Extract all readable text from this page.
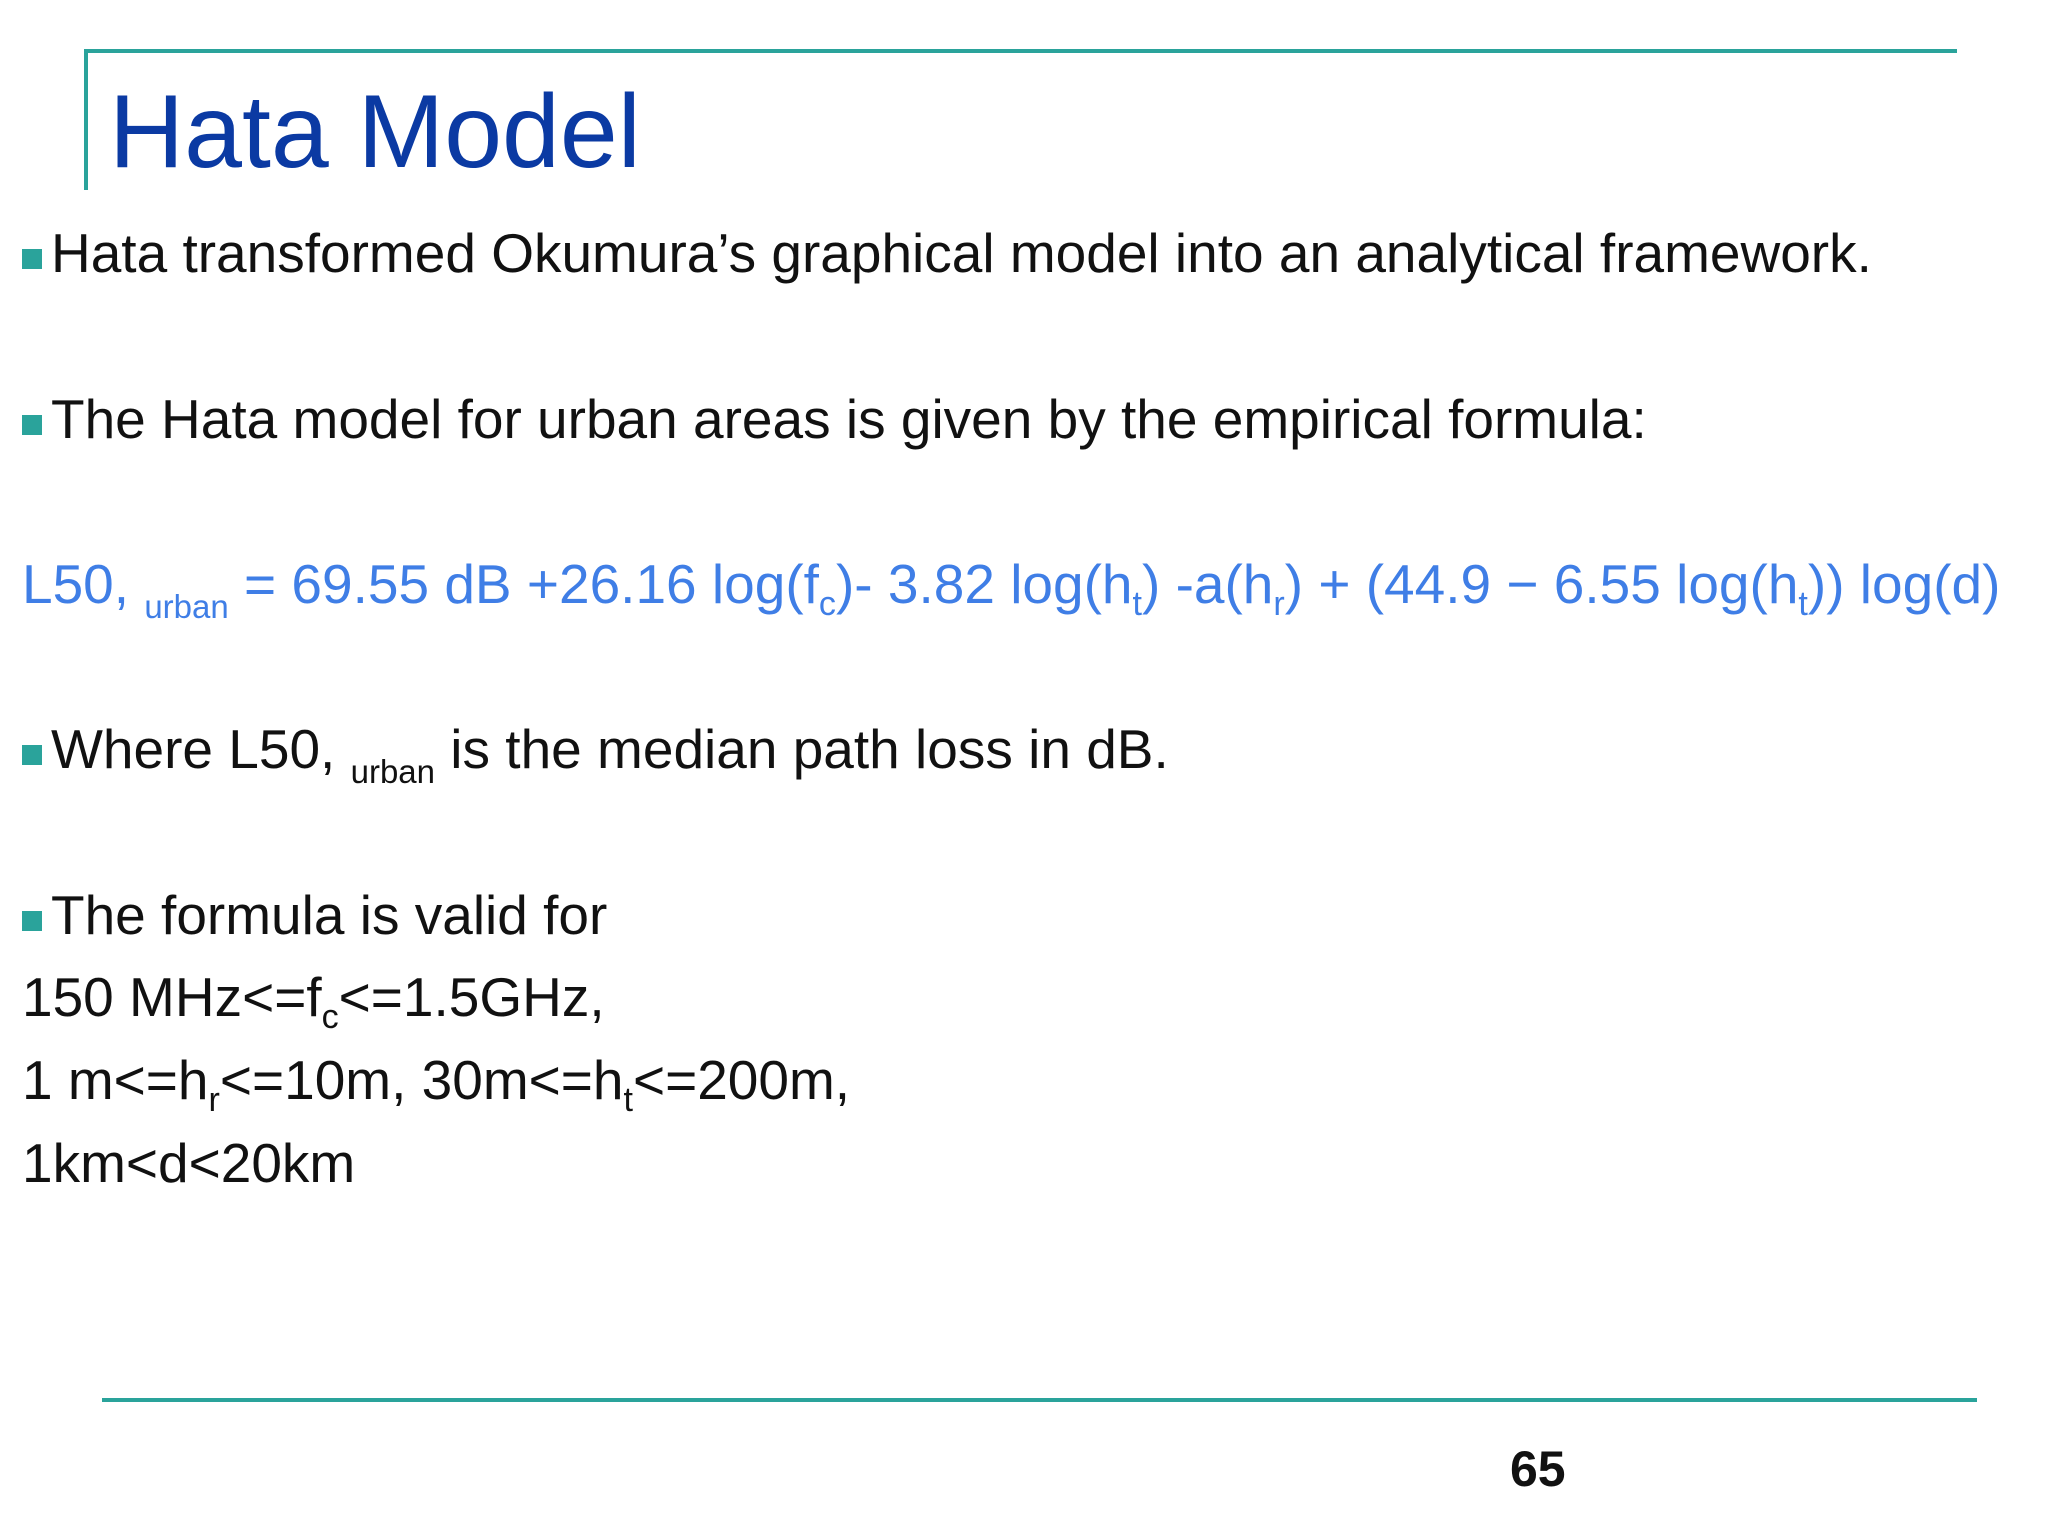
Hata Model
Hata transformed Okumura’s graphical model into an analytical framework.
The Hata model for urban areas is given by the empirical formula:
L50, $_{urban}$ = 69.55 dB +26.16 $\log(f_c)-$ 3.82 $\log(h_t) -a(h_r) + (44.9 - 6.55$ $\log(h_t)$) log(d)
Where L50, $_{urban}$ is the median path loss in dB.
The formula is valid for
150 $MHz<=f_c<=1.5GHz$,
1 $m<=h_r<=10m$, $30m<=h_t<=200m$,
1km<d<20km
65
